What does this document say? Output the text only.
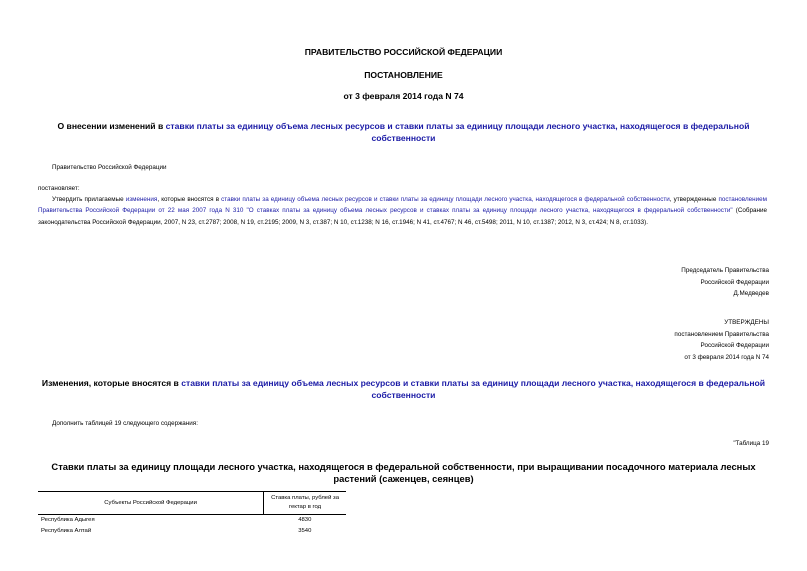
ПРАВИТЕЛЬСТВО РОССИЙСКОЙ ФЕДЕРАЦИИ
ПОСТАНОВЛЕНИЕ
от 3 февраля 2014 года N 74
О внесении изменений в ставки платы за единицу объема лесных ресурсов и ставки платы за единицу площади лесного участка, находящегося в федеральной собственности
Правительство Российской Федерации
постановляет:
Утвердить прилагаемые изменения, которые вносятся в ставки платы за единицу объема лесных ресурсов и ставки платы за единицу площади лесного участка, находящегося в федеральной собственности, утвержденные постановлением Правительства Российской Федерации от 22 мая 2007 года N 310 "О ставках платы за единицу объема лесных ресурсов и ставках платы за единицу площади лесного участка, находящегося в федеральной собственности" (Собрание законодательства Российской Федерации, 2007, N 23, ст.2787; 2008, N 19, ст.2195; 2009, N 3, ст.387; N 10, ст.1238; N 16, ст.1946; N 41, ст.4767; N 46, ст.5498; 2011, N 10, ст.1387; 2012, N 3, ст.424; N 8, ст.1033).
Председатель Правительства
Российской Федерации
Д.Медведев
УТВЕРЖДЕНЫ
постановлением Правительства
Российской Федерации
от 3 февраля 2014 года N 74
Изменения, которые вносятся в ставки платы за единицу объема лесных ресурсов и ставки платы за единицу площади лесного участка, находящегося в федеральной собственности
Дополнить таблицей 19 следующего содержания:
"Таблица 19
Ставки платы за единицу площади лесного участка, находящегося в федеральной собственности, при выращивании посадочного материала лесных растений (саженцев, сеянцев)
Субъекты Российской Федерации	Ставка платы, рублей за гектар в год
Республика Адыгея	4830
Республика Алтай	3540
